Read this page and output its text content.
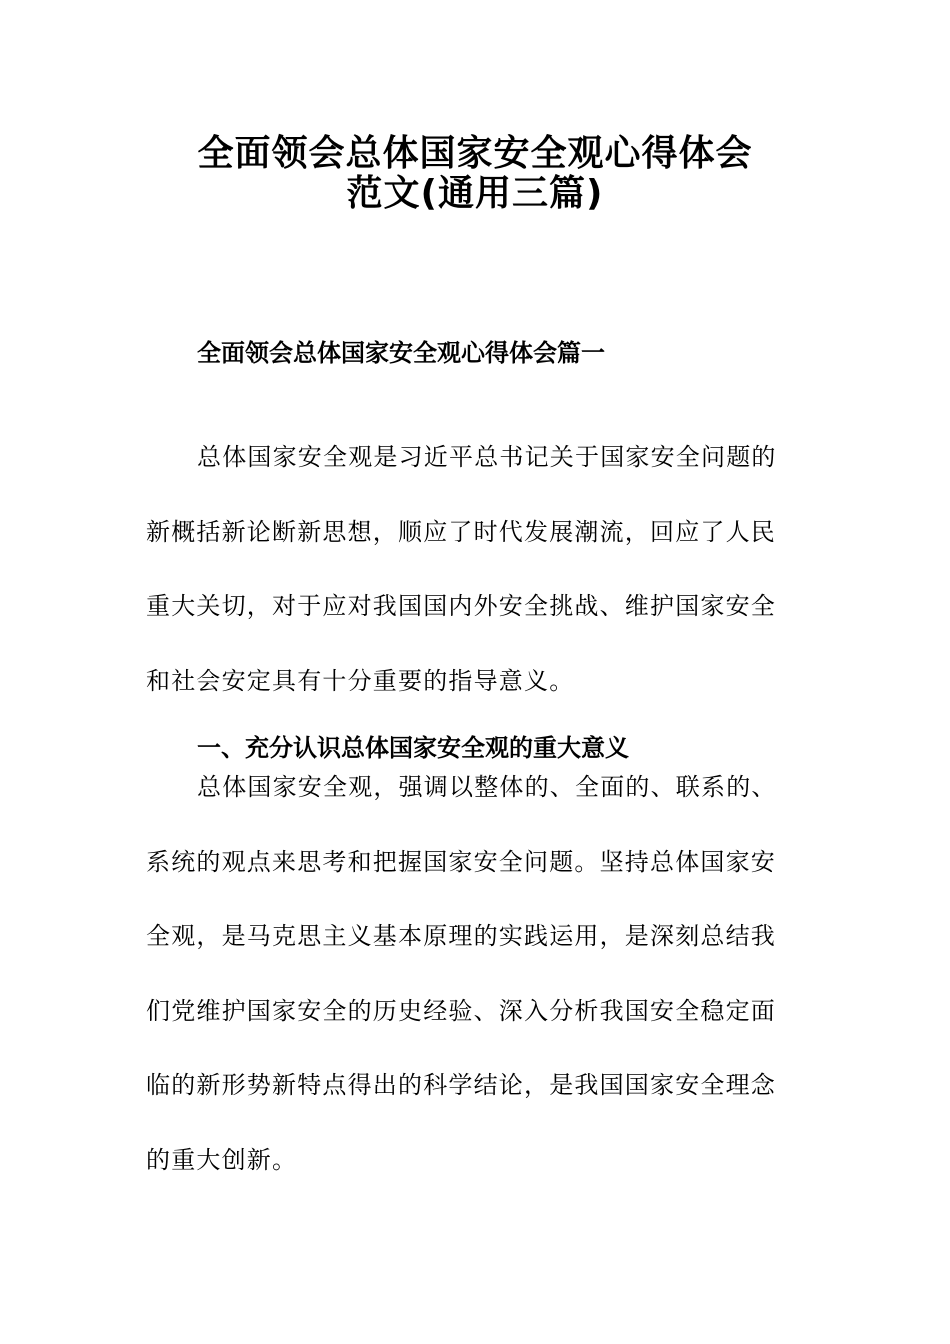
全面领会总体国家安全观心得体会
范文(通用三篇)
全面领会总体国家安全观心得体会篇一
总体国家安全观是习近平总书记关于国家安全问题的
新概括新论断新思想，顺应了时代发展潮流，回应了人民
重大关切，对于应对我国国内外安全挑战、维护国家安全
和社会安定具有十分重要的指导意义。
一、充分认识总体国家安全观的重大意义
总体国家安全观，强调以整体的、全面的、联系的、
系统的观点来思考和把握国家安全问题。坚持总体国家安
全观，是马克思主义基本原理的实践运用，是深刻总结我
们党维护国家安全的历史经验、深入分析我国安全稳定面
临的新形势新特点得出的科学结论，是我国国家安全理念
的重大创新。
